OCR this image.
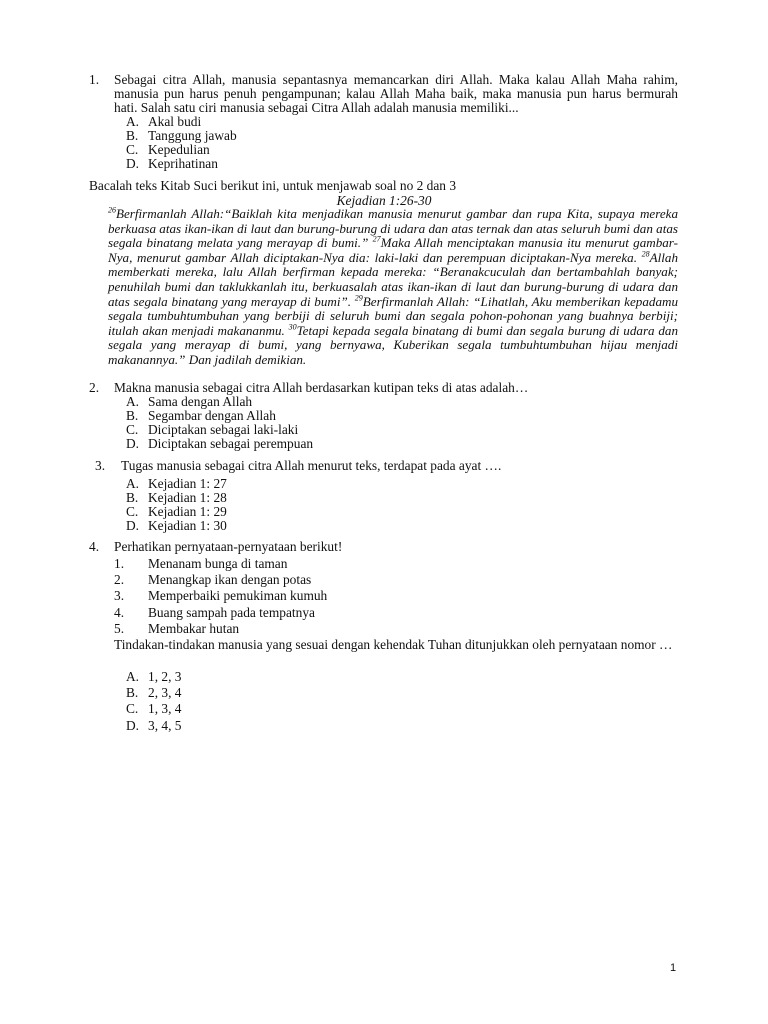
1. Sebagai citra Allah, manusia sepantasnya memancarkan diri Allah. Maka kalau Allah Maha rahim, manusia pun harus penuh pengampunan; kalau Allah Maha baik, maka manusia pun harus bermurah hati. Salah satu ciri manusia sebagai Citra Allah adalah manusia memiliki...
A. Akal budi
B. Tanggung jawab
C. Kepedulian
D. Keprihatinan
Bacalah teks Kitab Suci berikut ini, untuk menjawab soal no 2 dan 3
Kejadian 1:26-30
$^{26}$Berfirmanlah Allah:“Baiklah kita menjadikan manusia menurut gambar dan rupa Kita, supaya mereka berkuasa atas ikan-ikan di laut dan burung-burung di udara dan atas ternak dan atas seluruh bumi dan atas segala binatang melata yang merayap di bumi.” $^{27}$Maka Allah menciptakan manusia itu menurut gambar-Nya, menurut gambar Allah diciptakan-Nya dia: laki-laki dan perempuan diciptakan-Nya mereka. $^{28}$Allah memberkati mereka, lalu Allah berfirman kepada mereka: “Beranakcuculah dan bertambahlah banyak; penuhilah bumi dan taklukkanlah itu, berkuasalah atas ikan-ikan di laut dan burung-burung di udara dan atas segala binatang yang merayap di bumi”. $^{29}$Berfirmanlah Allah: “Lihatlah, Aku memberikan kepadamu segala tumbuhtumbuhan yang berbiji di seluruh bumi dan segala pohon-pohonan yang buahnya berbiji; itulah akan menjadi makananmu. $^{30}$Tetapi kepada segala binatang di bumi dan segala burung di udara dan segala yang merayap di bumi, yang bernyawa, Kuberikan segala tumbuhtumbuhan hijau menjadi makanannya.” Dan jadilah demikian.
2. Makna manusia sebagai citra Allah berdasarkan kutipan teks di atas adalah…
A. Sama dengan Allah
B. Segambar dengan Allah
C. Diciptakan sebagai laki-laki
D. Diciptakan sebagai perempuan
3. Tugas manusia sebagai citra Allah menurut teks, terdapat pada ayat ….
A. Kejadian 1: 27
B. Kejadian 1: 28
C. Kejadian 1: 29
D. Kejadian 1: 30
4. Perhatikan pernyataan-pernyataan berikut!
1. Menanam bunga di taman
2. Menangkap ikan dengan potas
3. Memperbaiki pemukiman kumuh
4. Buang sampah pada tempatnya
5. Membakar hutan
Tindakan-tindakan manusia yang sesuai dengan kehendak Tuhan ditunjukkan oleh pernyataan nomor …
A. 1, 2, 3
B. 2, 3, 4
C. 1, 3, 4
D. 3, 4, 5
1
